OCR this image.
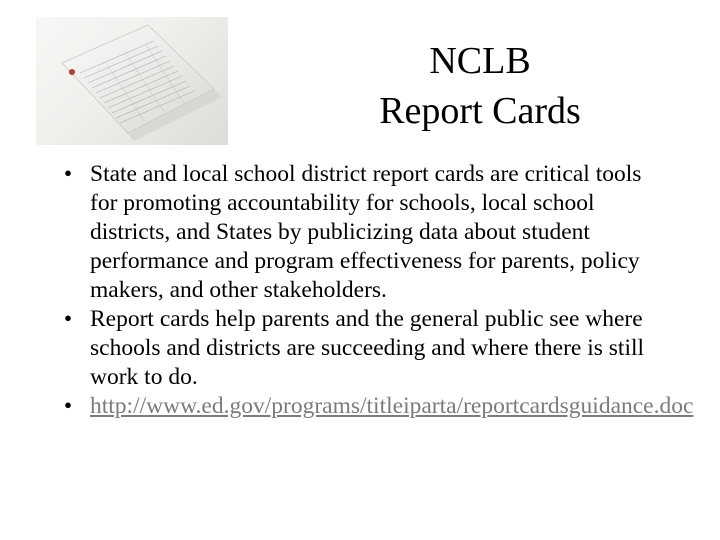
NCLB
Report Cards
• State and local school district report cards are critical tools for promoting accountability for schools, local school districts, and States by publicizing data about student performance and program effectiveness for parents, policy makers, and other stakeholders.
• Report cards help parents and the general public see where schools and districts are succeeding and where there is still work to do.
• http://www.ed.gov/programs/titleiparta/reportcardsguidance.doc
